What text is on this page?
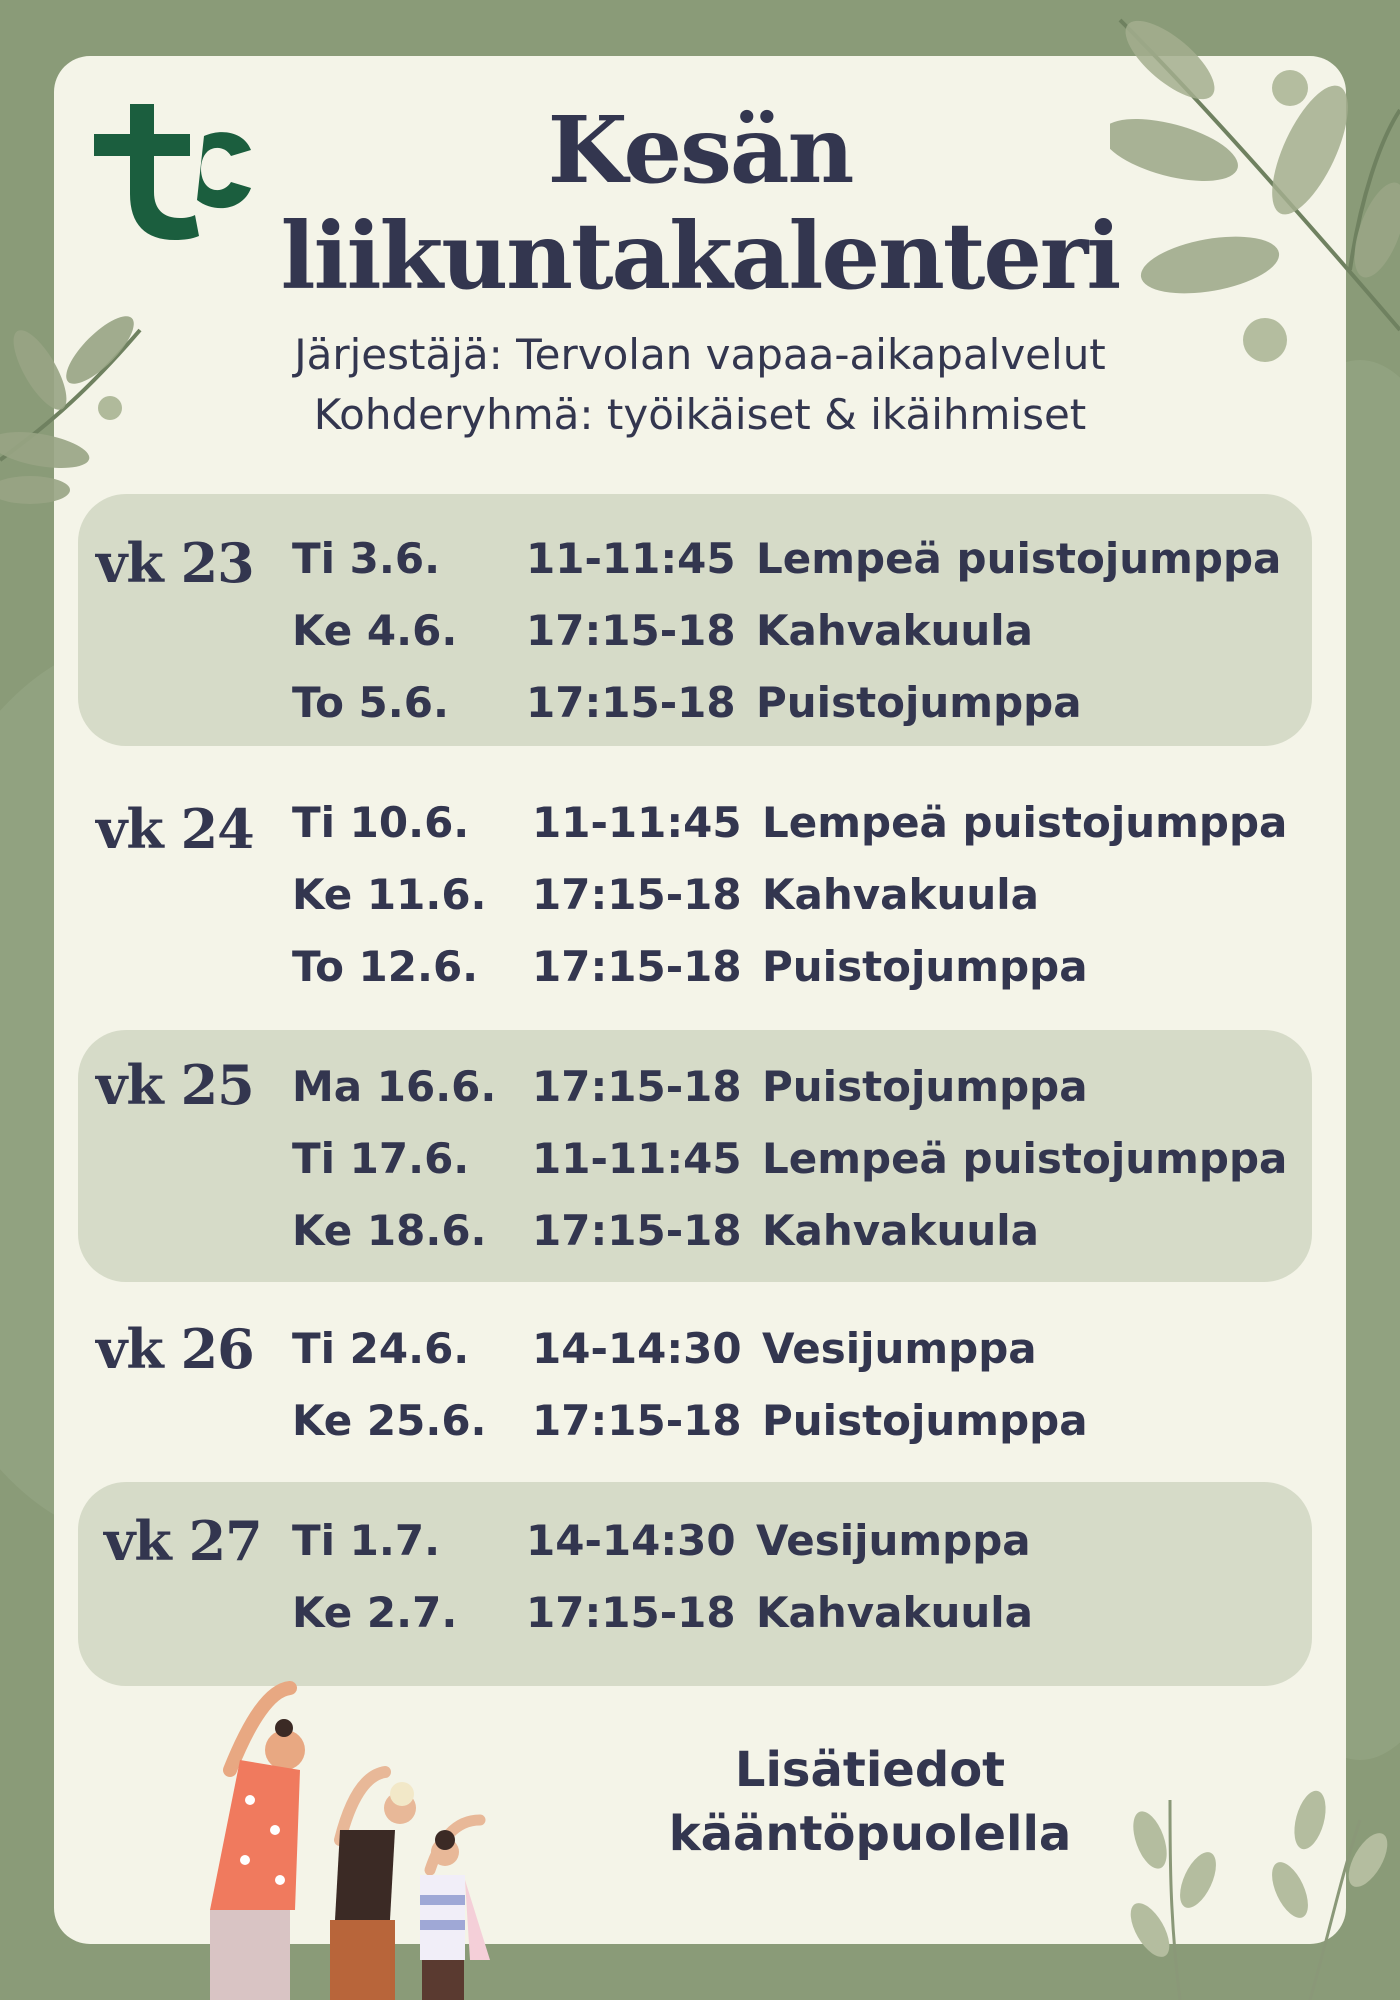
Kesän
liikuntakalenteri
Järjestäjä: Tervolan vapaa-aikapalvelut
Kohderyhmä: työikäiset & ikäihmiset
vk 23 Ti 3.6. 11-11:45 Lempeä puistojumppa
Ke 4.6. 17:15-18 Kahvakuula
To 5.6. 17:15-18 Puistojumppa
vk 24 Ti 10.6. 11-11:45 Lempeä puistojumppa
Ke 11.6. 17:15-18 Kahvakuula
To 12.6. 17:15-18 Puistojumppa
vk 25 Ma 16.6. 17:15-18 Puistojumppa
Ti 17.6. 11-11:45 Lempeä puistojumppa
Ke 18.6. 17:15-18 Kahvakuula
vk 26 Ti 24.6. 14-14:30 Vesijumppa
Ke 25.6. 17:15-18 Puistojumppa
vk 27 Ti 1.7. 14-14:30 Vesijumppa
Ke 2.7. 17:15-18 Kahvakuula
Lisätiedot
kääntöpuolella
